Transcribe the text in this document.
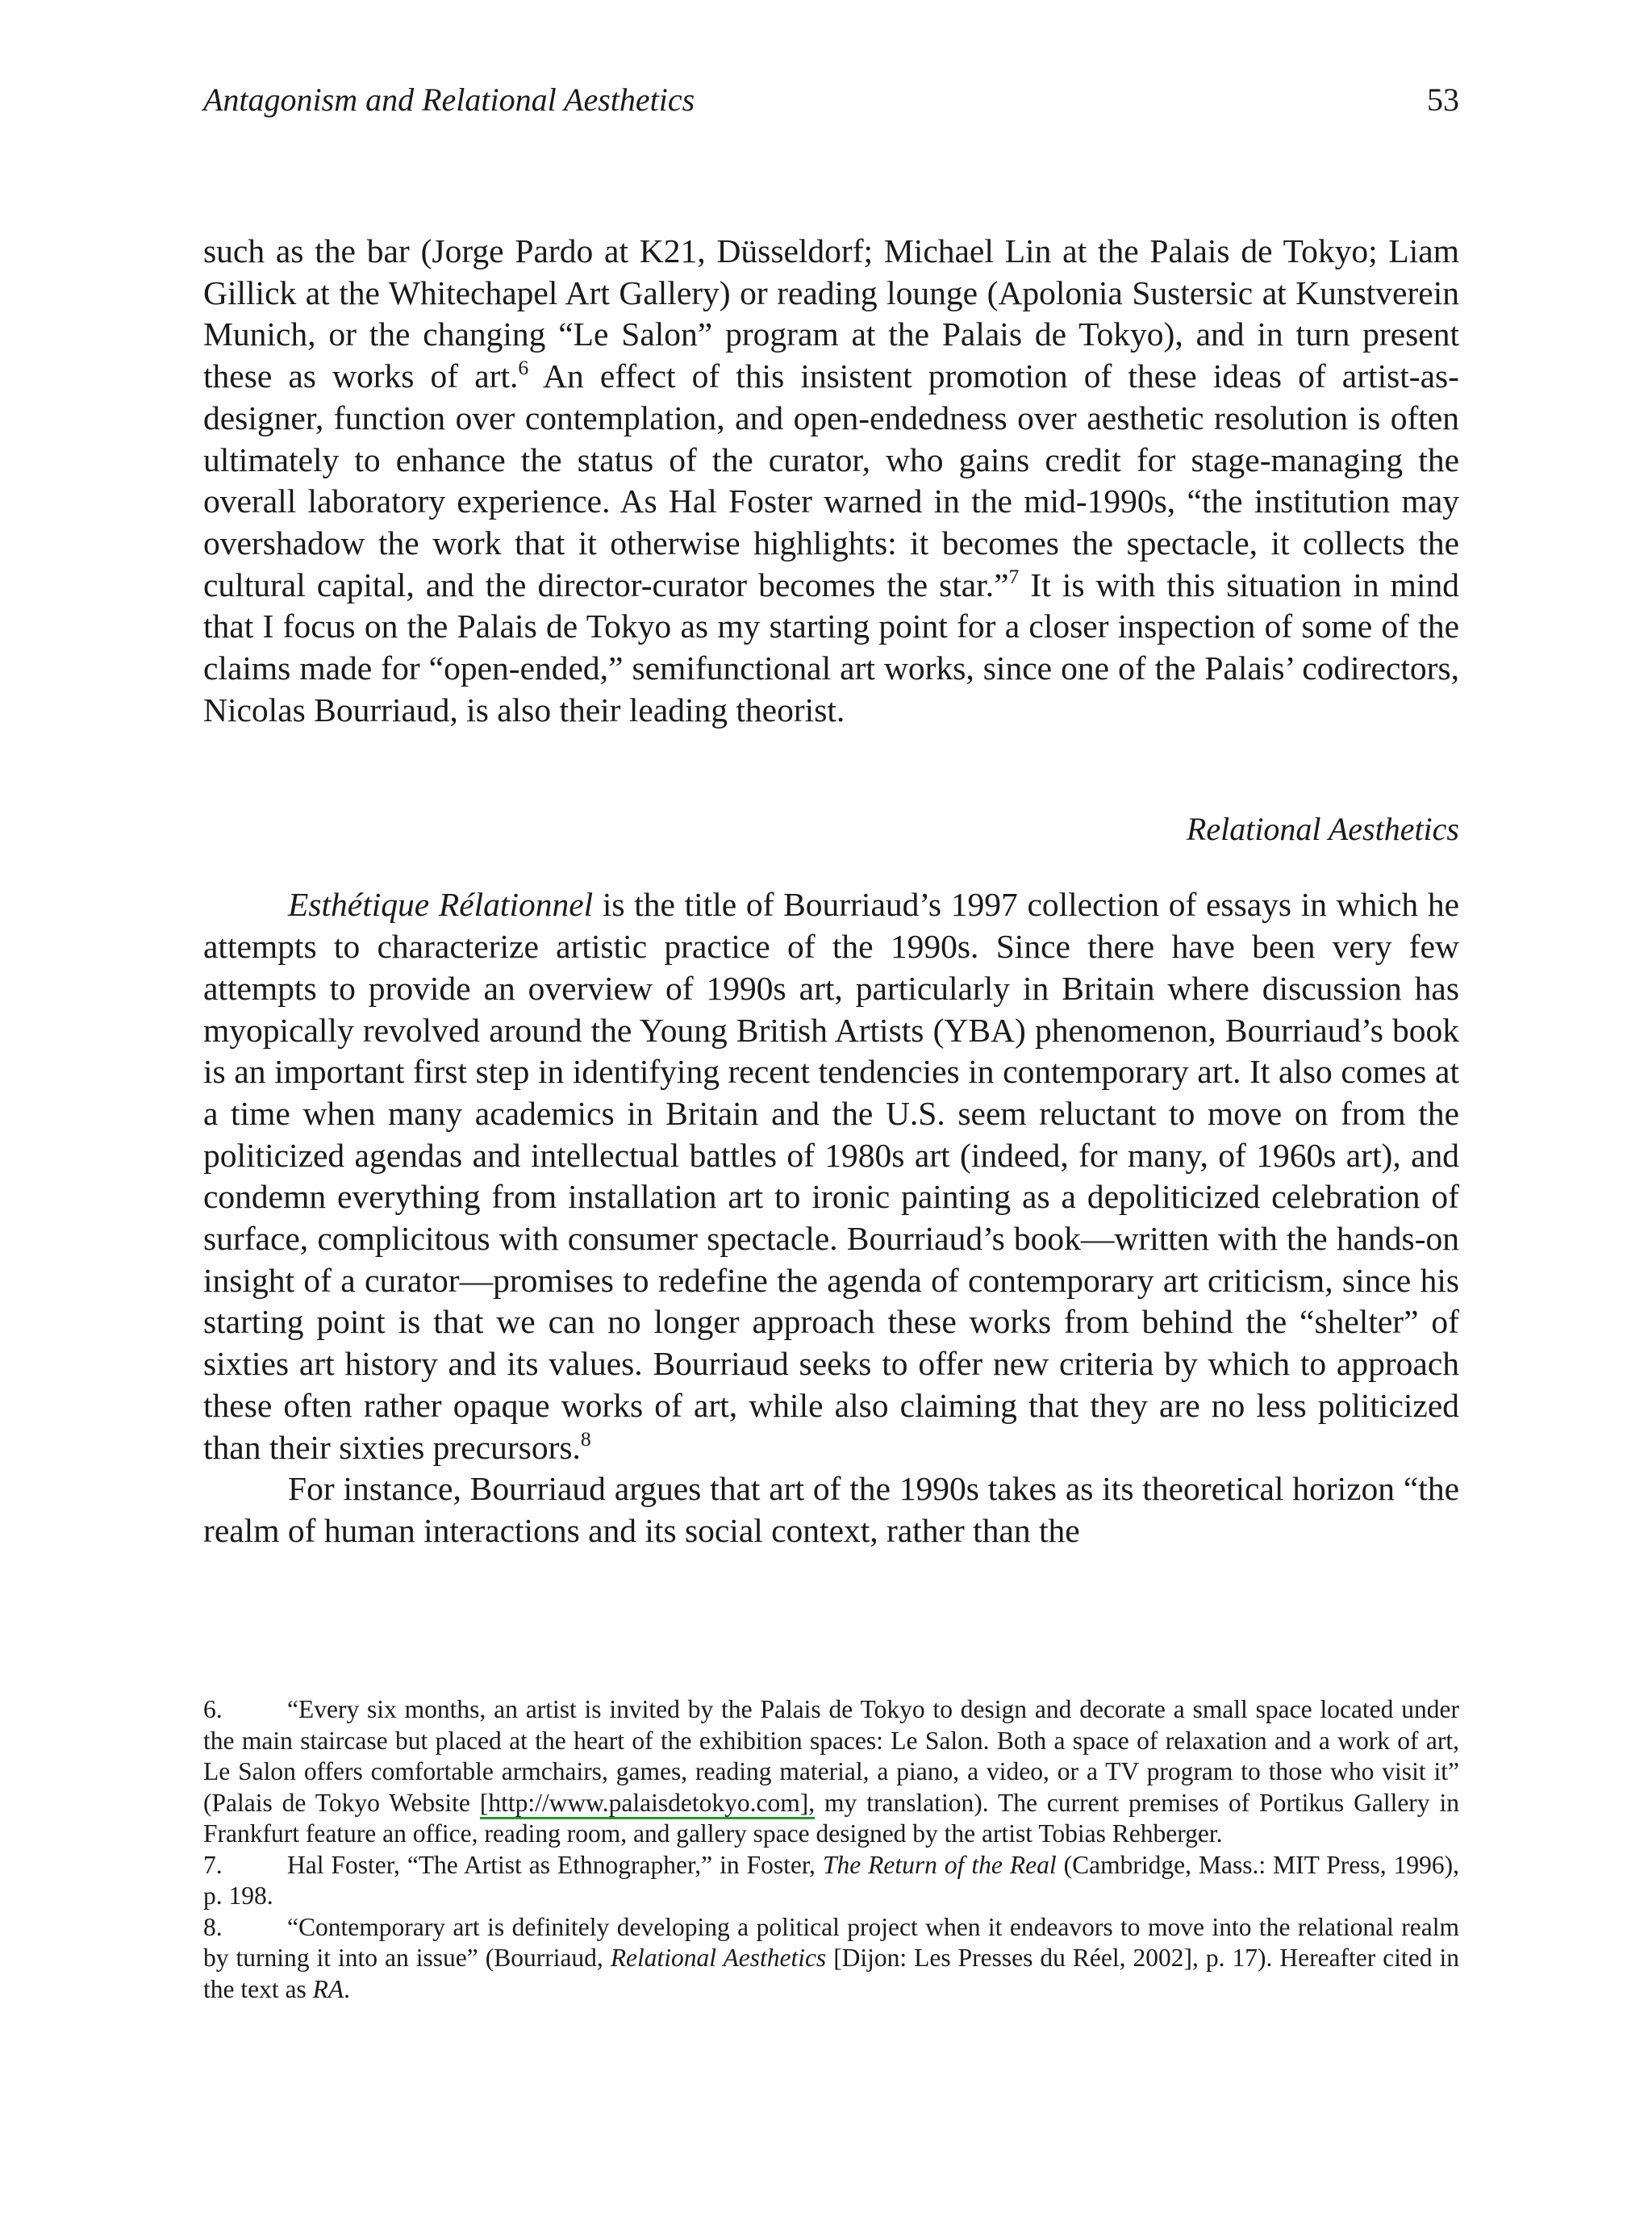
Antagonism and Relational Aesthetics	53

such as the bar (Jorge Pardo at K21, Düsseldorf; Michael Lin at the Palais de Tokyo; Liam Gillick at the Whitechapel Art Gallery) or reading lounge (Apolonia Sustersic at Kunstverein Munich, or the changing “Le Salon” program at the Palais de Tokyo), and in turn present these as works of art.$^6$ An effect of this insistent promotion of these ideas of artist-as-designer, function over contemplation, and open-endedness over aesthetic resolution is often ultimately to enhance the status of the curator, who gains credit for stage-managing the overall laboratory experience. As Hal Foster warned in the mid-1990s, “the institution may overshadow the work that it otherwise highlights: it becomes the spectacle, it collects the cultural capital, and the director-curator becomes the star.”$^7$ It is with this situation in mind that I focus on the Palais de Tokyo as my starting point for a closer inspection of some of the claims made for “open-ended,” semifunctional art works, since one of the Palais’ codirectors, Nicolas Bourriaud, is also their leading theorist.

Relational Aesthetics

Esthétique Rélationnel is the title of Bourriaud’s 1997 collection of essays in which he attempts to characterize artistic practice of the 1990s. Since there have been very few attempts to provide an overview of 1990s art, particularly in Britain where discussion has myopically revolved around the Young British Artists (YBA) phenomenon, Bourriaud’s book is an important first step in identifying recent tendencies in contemporary art. It also comes at a time when many academics in Britain and the U.S. seem reluctant to move on from the politicized agendas and intellectual battles of 1980s art (indeed, for many, of 1960s art), and condemn everything from installation art to ironic painting as a depoliticized celebration of surface, complicitous with consumer spectacle. Bourriaud’s book—written with the hands-on insight of a curator—promises to redefine the agenda of contemporary art criticism, since his starting point is that we can no longer approach these works from behind the “shelter” of sixties art history and its values. Bourriaud seeks to offer new criteria by which to approach these often rather opaque works of art, while also claiming that they are no less politicized than their sixties precursors.$^8$

For instance, Bourriaud argues that art of the 1990s takes as its theoretical horizon “the realm of human interactions and its social context, rather than the

6.	“Every six months, an artist is invited by the Palais de Tokyo to design and decorate a small space located under the main staircase but placed at the heart of the exhibition spaces: Le Salon. Both a space of relaxation and a work of art, Le Salon offers comfortable armchairs, games, reading material, a piano, a video, or a TV program to those who visit it” (Palais de Tokyo Website [http://www.palaisdetokyo.com], my translation). The current premises of Portikus Gallery in Frankfurt feature an office, reading room, and gallery space designed by the artist Tobias Rehberger.

7.	Hal Foster, “The Artist as Ethnographer,” in Foster, The Return of the Real (Cambridge, Mass.: MIT Press, 1996), p. 198.

8.	“Contemporary art is definitely developing a political project when it endeavors to move into the relational realm by turning it into an issue” (Bourriaud, Relational Aesthetics [Dijon: Les Presses du Réel, 2002], p. 17). Hereafter cited in the text as RA.
